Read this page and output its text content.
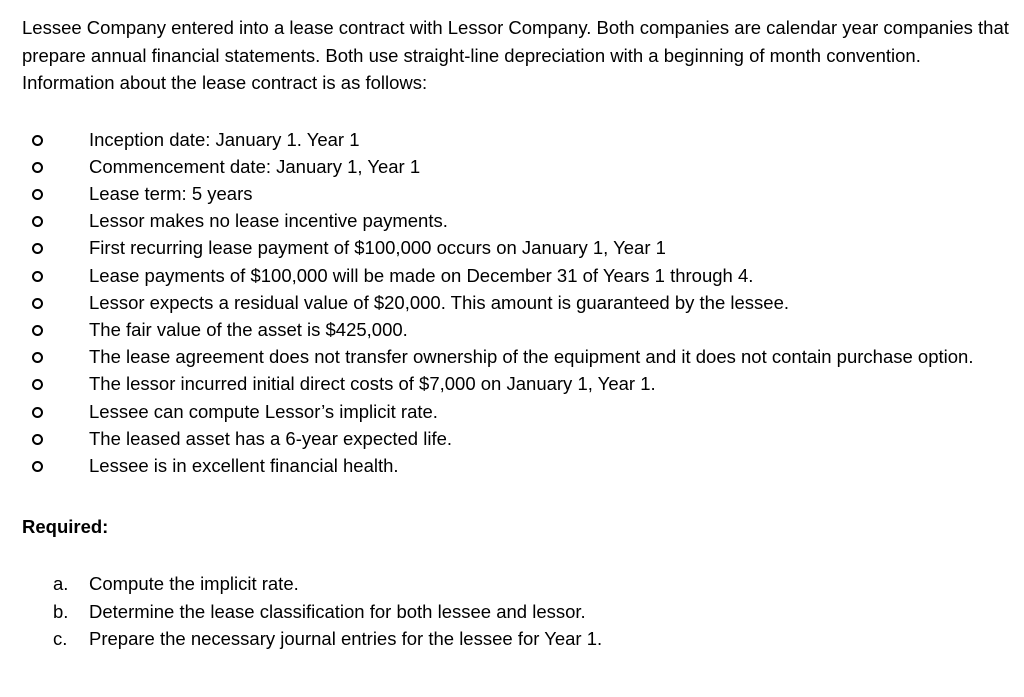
Lessee Company entered into a lease contract with Lessor Company. Both companies are calendar year companies that prepare annual financial statements. Both use straight-line depreciation with a beginning of month convention. Information about the lease contract is as follows:

Inception date: January 1. Year 1
Commencement date: January 1, Year 1
Lease term: 5 years
Lessor makes no lease incentive payments.
First recurring lease payment of $100,000 occurs on January 1, Year 1
Lease payments of $100,000 will be made on December 31 of Years 1 through 4.
Lessor expects a residual value of $20,000. This amount is guaranteed by the lessee.
The fair value of the asset is $425,000.
The lease agreement does not transfer ownership of the equipment and it does not contain purchase option.
The lessor incurred initial direct costs of $7,000 on January 1, Year 1.
Lessee can compute Lessor’s implicit rate.
The leased asset has a 6-year expected life.
Lessee is in excellent financial health.

Required:

a. Compute the implicit rate.
b. Determine the lease classification for both lessee and lessor.
c. Prepare the necessary journal entries for the lessee for Year 1.
